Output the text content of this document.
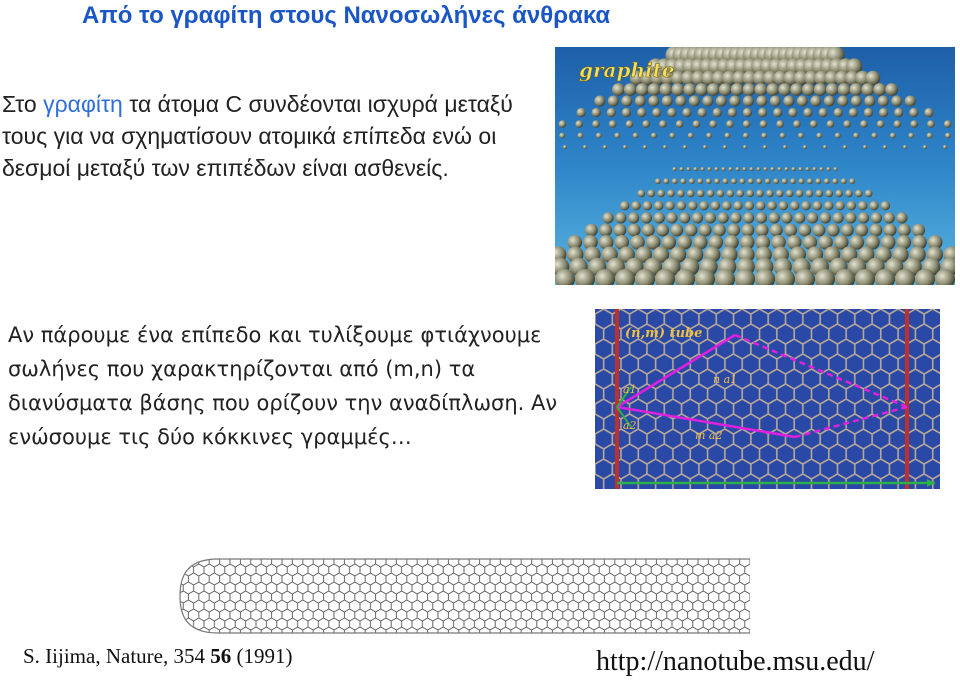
Από το γραφίτη στους Νανοσωλήνες άνθρακα
Στο γραφίτη τα άτομα C συνδέονται ισχυρά μεταξύ τους για να σχηματίσουν ατομικά επίπεδα ενώ οι δεσμοί μεταξύ των επιπέδων είναι ασθενείς.
graphite
Αν πάρουμε ένα επίπεδο και τυλίξουμε φτιάχνουμε σωλήνες που χαρακτηρίζονται από (m,n) τα διανύσματα βάσης που ορίζουν την αναδίπλωση. Αν ενώσουμε τις δύο κόκκινες γραμμές…
(n,m) tube
a1
a2
n a1
m a2
S. Iijima, Nature, 354 56 (1991)	http://nanotube.msu.edu/
